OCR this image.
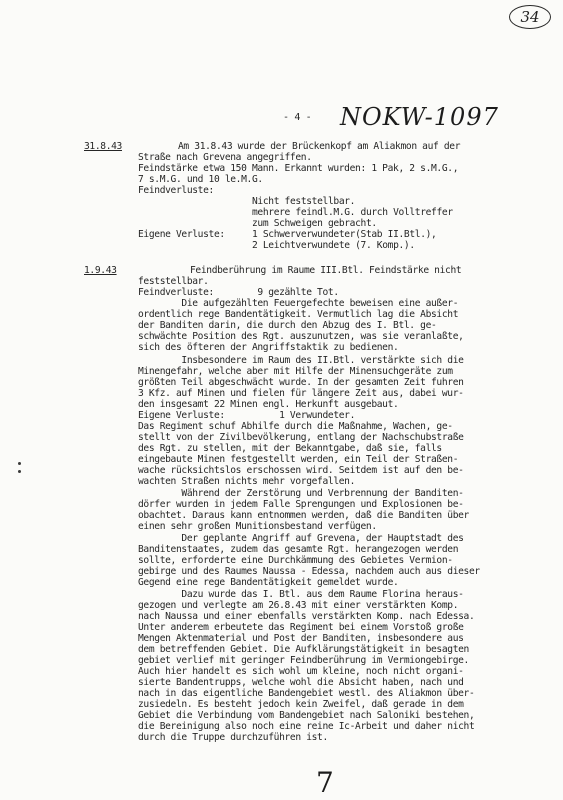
34
- 4 - NOKW-1097
31.8.43	Am 31.8.43 wurde der Brückenkopf am Aliakmon auf der
Straße nach Grevena angegriffen.
Feindstärke etwa 150 Mann. Erkannt wurden: 1 Pak, 2 s.M.G.,
7 s.M.G. und 10 le.M.G.
Feindverluste:
Nicht feststellbar.
mehrere feindl.M.G. durch Volltreffer
zum Schweigen gebracht.
Eigene Verluste:	1 Schwerverwundeter(Stab II.Btl.),
2 Leichtverwundete (7. Komp.).
1.9.43	Feindberührung im Raume III.Btl. Feindstärke nicht
feststellbar.
Feindverluste:        9 gezählte Tot.
Die aufgezählten Feuergefechte beweisen eine außer-
ordentlich rege Bandentätigkeit. Vermutlich lag die Absicht
der Banditen darin, die durch den Abzug des I. Btl. ge-
schwächte Position des Rgt. auszunutzen, was sie veranlaßte,
sich des öfteren der Angriffstaktik zu bedienen.
Insbesondere im Raum des II.Btl. verstärkte sich die
Minengefahr, welche aber mit Hilfe der Minensuchgeräte zum
größten Teil abgeschwächt wurde. In der gesamten Zeit fuhren
3 Kfz. auf Minen und fielen für längere Zeit aus, dabei wur-
den insgesamt 22 Minen engl. Herkunft ausgebaut.
Eigene Verluste:          1 Verwundeter.
Das Regiment schuf Abhilfe durch die Maßnahme, Wachen, ge-
stellt von der Zivilbevölkerung, entlang der Nachschubstraße
des Rgt. zu stellen, mit der Bekanntgabe, daß sie, falls
eingebaute Minen festgestellt werden, ein Teil der Straßen-
wache rücksichtslos erschossen wird. Seitdem ist auf den be-
wachten Straßen nichts mehr vorgefallen.
Während der Zerstörung und Verbrennung der Banditen-
dörfer wurden in jedem Falle Sprengungen und Explosionen be-
obachtet. Daraus kann entnommen werden, daß die Banditen über
einen sehr großen Munitionsbestand verfügen.
Der geplante Angriff auf Grevena, der Hauptstadt des
Banditenstaates, zudem das gesamte Rgt. herangezogen werden
sollte, erforderte eine Durchkämmung des Gebietes Vermion-
gebirge und des Raumes Naussa - Edessa, nachdem auch aus dieser
Gegend eine rege Bandentätigkeit gemeldet wurde.
Dazu wurde das I. Btl. aus dem Raume Florina heraus-
gezogen und verlegte am 26.8.43 mit einer verstärkten Komp.
nach Naussa und einer ebenfalls verstärkten Komp. nach Edessa.
Unter anderem erbeutete das Regiment bei einem Vorstoß große
Mengen Aktenmaterial und Post der Banditen, insbesondere aus
dem betreffenden Gebiet. Die Aufklärungstätigkeit in besagten
gebiet verlief mit geringer Feindberührung im Vermiongebirge.
Auch hier handelt es sich wohl um kleine, noch nicht organi-
sierte Bandentrupps, welche wohl die Absicht haben, nach und
nach in das eigentliche Bandengebiet westl. des Aliakmon über-
zusiedeln. Es besteht jedoch kein Zweifel, daß gerade in dem
Gebiet die Verbindung vom Bandengebiet nach Saloniki bestehen,
die Bereinigung also noch eine reine Ic-Arbeit und daher nicht
durch die Truppe durchzuführen ist.
7
